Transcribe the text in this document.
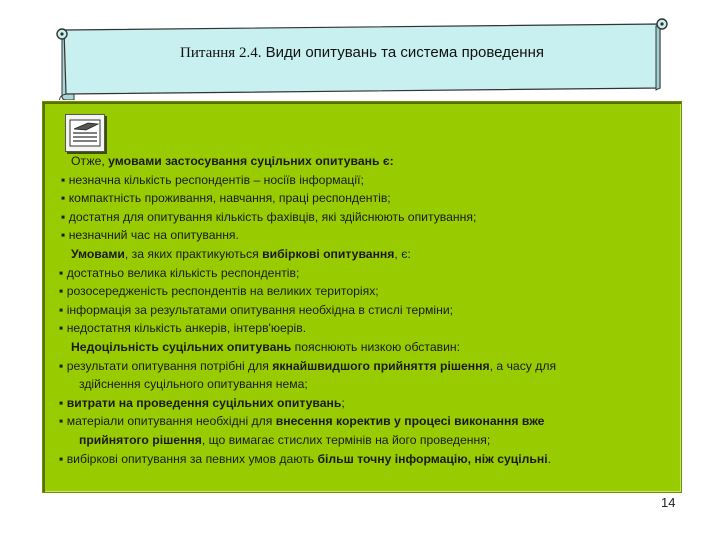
Питання 2.4. Види опитувань та система проведення
Отже, умовами застосування суцільних опитувань є:
▪ незначна кількість респондентів – носіїв інформації;
▪ компактність проживання, навчання, праці респондентів;
▪ достатня для опитування кількість фахівців, які здійснюють опитування;
▪ незначний час на опитування.
Умовами, за яких практикуються вибіркові опитування, є:
▪ достатньо велика кількість респондентів;
▪ розосередженість респондентів на великих територіях;
▪ інформація за результатами опитування необхідна в стислі терміни;
▪ недостатня кількість анкерів, інтерв'юерів.
Недоцільність суцільних опитувань пояснюють низкою обставин:
▪ результати опитування потрібні для якнайшвидшого прийняття рішення, а часу для
здійснення суцільного опитування нема;
▪ витрати на проведення суцільних опитувань;
▪ матеріали опитування необхідні для внесення коректив у процесі виконання вже
прийнятого рішення, що вимагає стислих термінів на його проведення;
▪ вибіркові опитування за певних умов дають більш точну інформацію, ніж суцільні.
14
